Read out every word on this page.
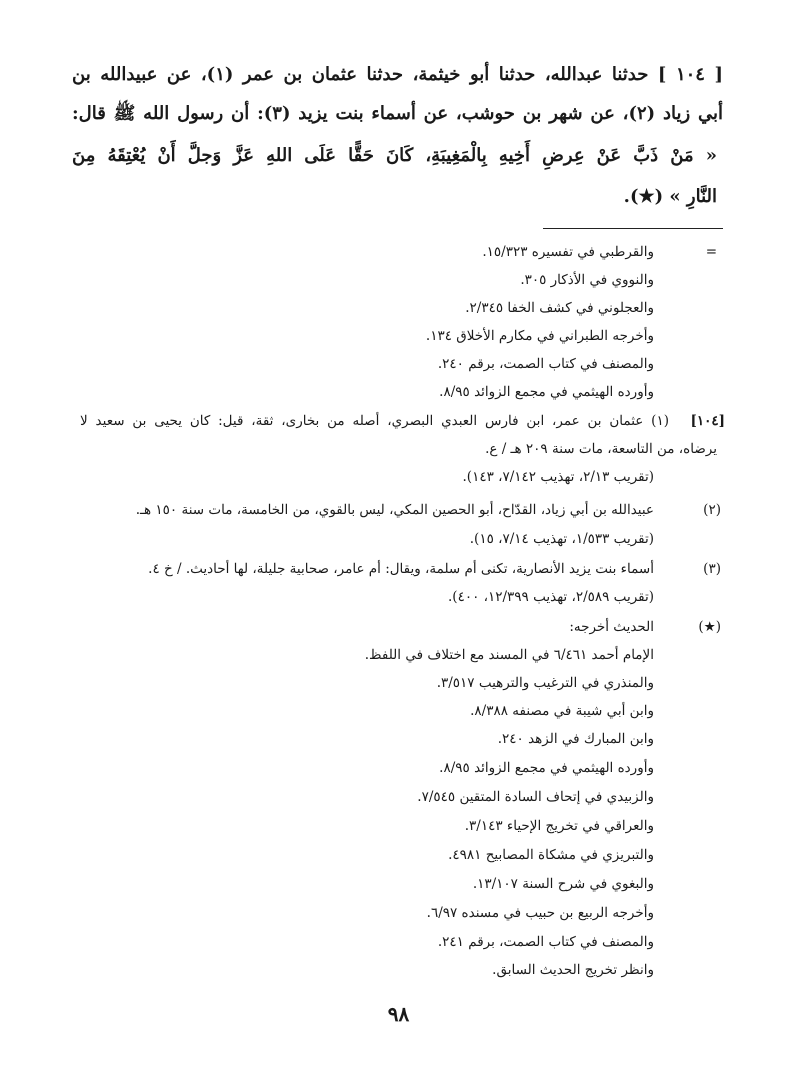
[ ١٠٤ ] حدثنا عبدالله، حدثنا أبو خيثمة، حدثنا عثمان بن عمر (١)، عن عبيدالله بن
أبي زياد (٢)، عن شهر بن حوشب، عن أسماء بنت يزيد (٣): أن رسول الله ﷺ قال:
« مَنْ ذَبَّ عَنْ عِرضِ أَخِيهِ بِالْمَغِيبَةِ، كَانَ حَقًّا عَلَى اللهِ عَزَّ وَجلَّ أَنْ يُعْتِقَهُ مِنَ
النَّارِ » (★).
=
والقرطبي في تفسيره ١٥/٣٢٣.
والنووي في الأذكار ٣٠٥.
والعجلوني في كشف الخفا ٢/٣٤٥.
وأخرجه الطبراني في مكارم الأخلاق ١٣٤.
والمصنف في كتاب الصمت، برقم ٢٤٠.
وأورده الهيثمي في مجمع الزوائد ٨/٩٥.
[١٠٤]
(١) عثمان بن عمر، ابن فارس العبدي البصري، أصله من بخارى، ثقة، قيل: كان يحيى بن سعيد لا
يرضاه، من التاسعة، مات سنة ٢٠٩ هـ / ع.
(تقريب ٢/١٣، تهذيب ٧/١٤٢، ١٤٣).
(٢)
عبيدالله بن أبي زياد، القدّاح، أبو الحصين المكي، ليس بالقوي، من الخامسة، مات سنة ١٥٠ هـ.
(تقريب ١/٥٣٣، تهذيب ٧/١٤، ١٥).
(٣)
أسماء بنت يزيد الأنصارية، تكنى أم سلمة، ويقال: أم عامر، صحابية جليلة، لها أحاديث. / خ ٤.
(تقريب ٢/٥٨٩، تهذيب ١٢/٣٩٩، ٤٠٠).
(★)
الحديث أخرجه:
الإمام أحمد ٦/٤٦١ في المسند مع اختلاف في اللفظ.
والمنذري في الترغيب والترهيب ٣/٥١٧.
وابن أبي شيبة في مصنفه ٨/٣٨٨.
وابن المبارك في الزهد ٢٤٠.
وأورده الهيثمي في مجمع الزوائد ٨/٩٥.
والزبيدي في إتحاف السادة المتقين ٧/٥٤٥.
والعراقي في تخريج الإحياء ٣/١٤٣.
والتبريزي في مشكاة المصابيح ٤٩٨١.
والبغوي في شرح السنة ١٣/١٠٧.
وأخرجه الربيع بن حبيب في مسنده ٦/٩٧.
والمصنف في كتاب الصمت، برقم ٢٤١.
وانظر تخريج الحديث السابق.
٩٨
